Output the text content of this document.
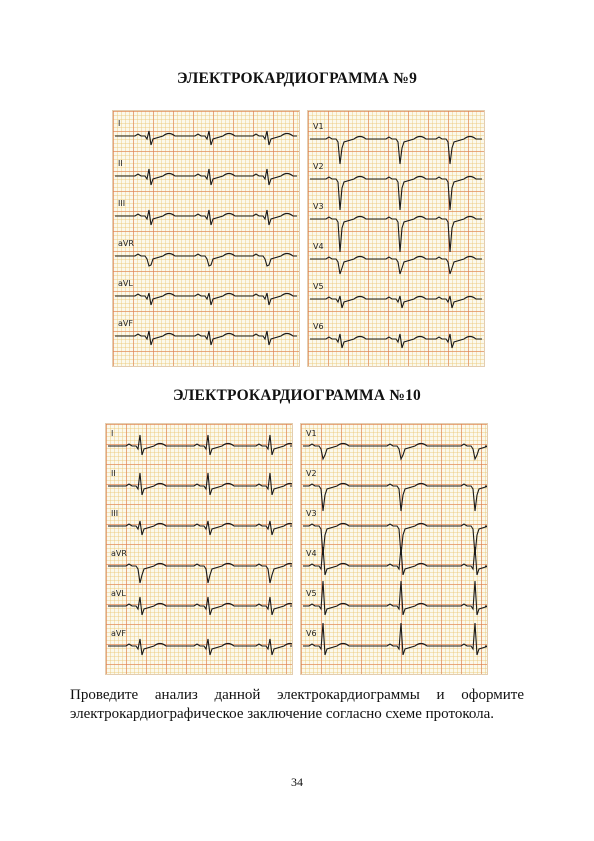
ЭЛЕКТРОКАРДИОГРАММА №9
I
II
III
aVR
aVL
aVF
V1
V2
V3
V4
V5
V6
ЭЛЕКТРОКАРДИОГРАММА №10
I
II
III
aVR
aVL
aVF
V1
V2
V3
V4
V5
V6

Проведите анализ данной электрокардиограммы и оформите электрокардиографическое заключение согласно схеме протокола.

34
